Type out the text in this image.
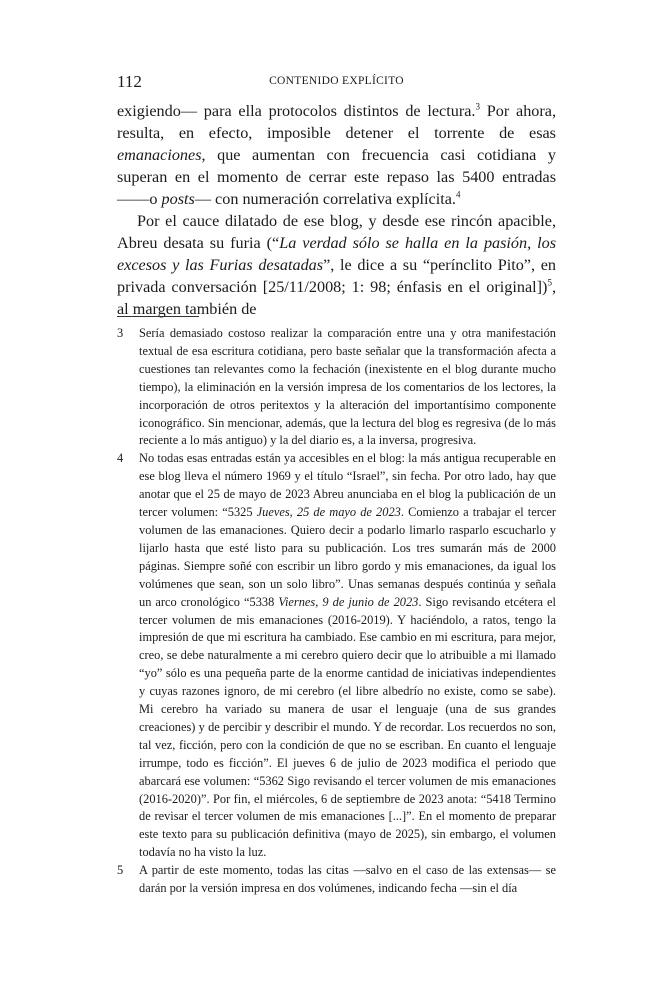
112	CONTENIDO EXPLÍCITO

exigiendo— para ella protocolos distintos de lectura.$^3$ Por ahora, resulta, en efecto, imposible detener el torrente de esas emanaciones, que aumentan con frecuencia casi cotidiana y superan en el momento de cerrar este repaso las 5400 entradas ——o posts— con numeración correlativa explícita.$^4$

Por el cauce dilatado de ese blog, y desde ese rincón apacible, Abreu desata su furia (“La verdad sólo se halla en la pasión, los excesos y las Furias desatadas”, le dice a su “perínclito Pito”, en privada conversación [25/11/2008; 1: 98; énfasis en el original])$^5$, al margen también de

3 Sería demasiado costoso realizar la comparación entre una y otra manifestación textual de esa escritura cotidiana, pero baste señalar que la transformación afecta a cuestiones tan relevantes como la fechación (inexistente en el blog durante mucho tiempo), la eliminación en la versión impresa de los comentarios de los lectores, la incorporación de otros peritextos y la alteración del importantísimo componente iconográfico. Sin mencionar, además, que la lectura del blog es regresiva (de lo más reciente a lo más antiguo) y la del diario es, a la inversa, progresiva.
4 No todas esas entradas están ya accesibles en el blog: la más antigua recuperable en ese blog lleva el número 1969 y el título “Israel”, sin fecha. Por otro lado, hay que anotar que el 25 de mayo de 2023 Abreu anunciaba en el blog la publicación de un tercer volumen: “5325 Jueves, 25 de mayo de 2023. Comienzo a trabajar el tercer volumen de las emanaciones. Quiero decir a podarlo limarlo rasparlo escucharlo y lijarlo hasta que esté listo para su publicación. Los tres sumarán más de 2000 páginas. Siempre soñé con escribir un libro gordo y mis emanaciones, da igual los volúmenes que sean, son un solo libro”. Unas semanas después continúa y señala un arco cronológico “5338 Viernes, 9 de junio de 2023. Sigo revisando etcétera el tercer volumen de mis emanaciones (2016-2019). Y haciéndolo, a ratos, tengo la impresión de que mi escritura ha cambiado. Ese cambio en mi escritura, para mejor, creo, se debe naturalmente a mi cerebro quiero decir que lo atribuible a mi llamado “yo” sólo es una pequeña parte de la enorme cantidad de iniciativas independientes y cuyas razones ignoro, de mi cerebro (el libre albedrío no existe, como se sabe). Mi cerebro ha variado su manera de usar el lenguaje (una de sus grandes creaciones) y de percibir y describir el mundo. Y de recordar. Los recuerdos no son, tal vez, ficción, pero con la condición de que no se escriban. En cuanto el lenguaje irrumpe, todo es ficción”. El jueves 6 de julio de 2023 modifica el periodo que abarcará ese volumen: “5362 Sigo revisando el tercer volumen de mis emanaciones (2016-2020)”. Por fin, el miércoles, 6 de septiembre de 2023 anota: “5418 Termino de revisar el tercer volumen de mis emanaciones [...]”. En el momento de preparar este texto para su publicación definitiva (mayo de 2025), sin embargo, el volumen todavía no ha visto la luz.
5 A partir de este momento, todas las citas —salvo en el caso de las extensas— se darán por la versión impresa en dos volúmenes, indicando fecha —sin el día
